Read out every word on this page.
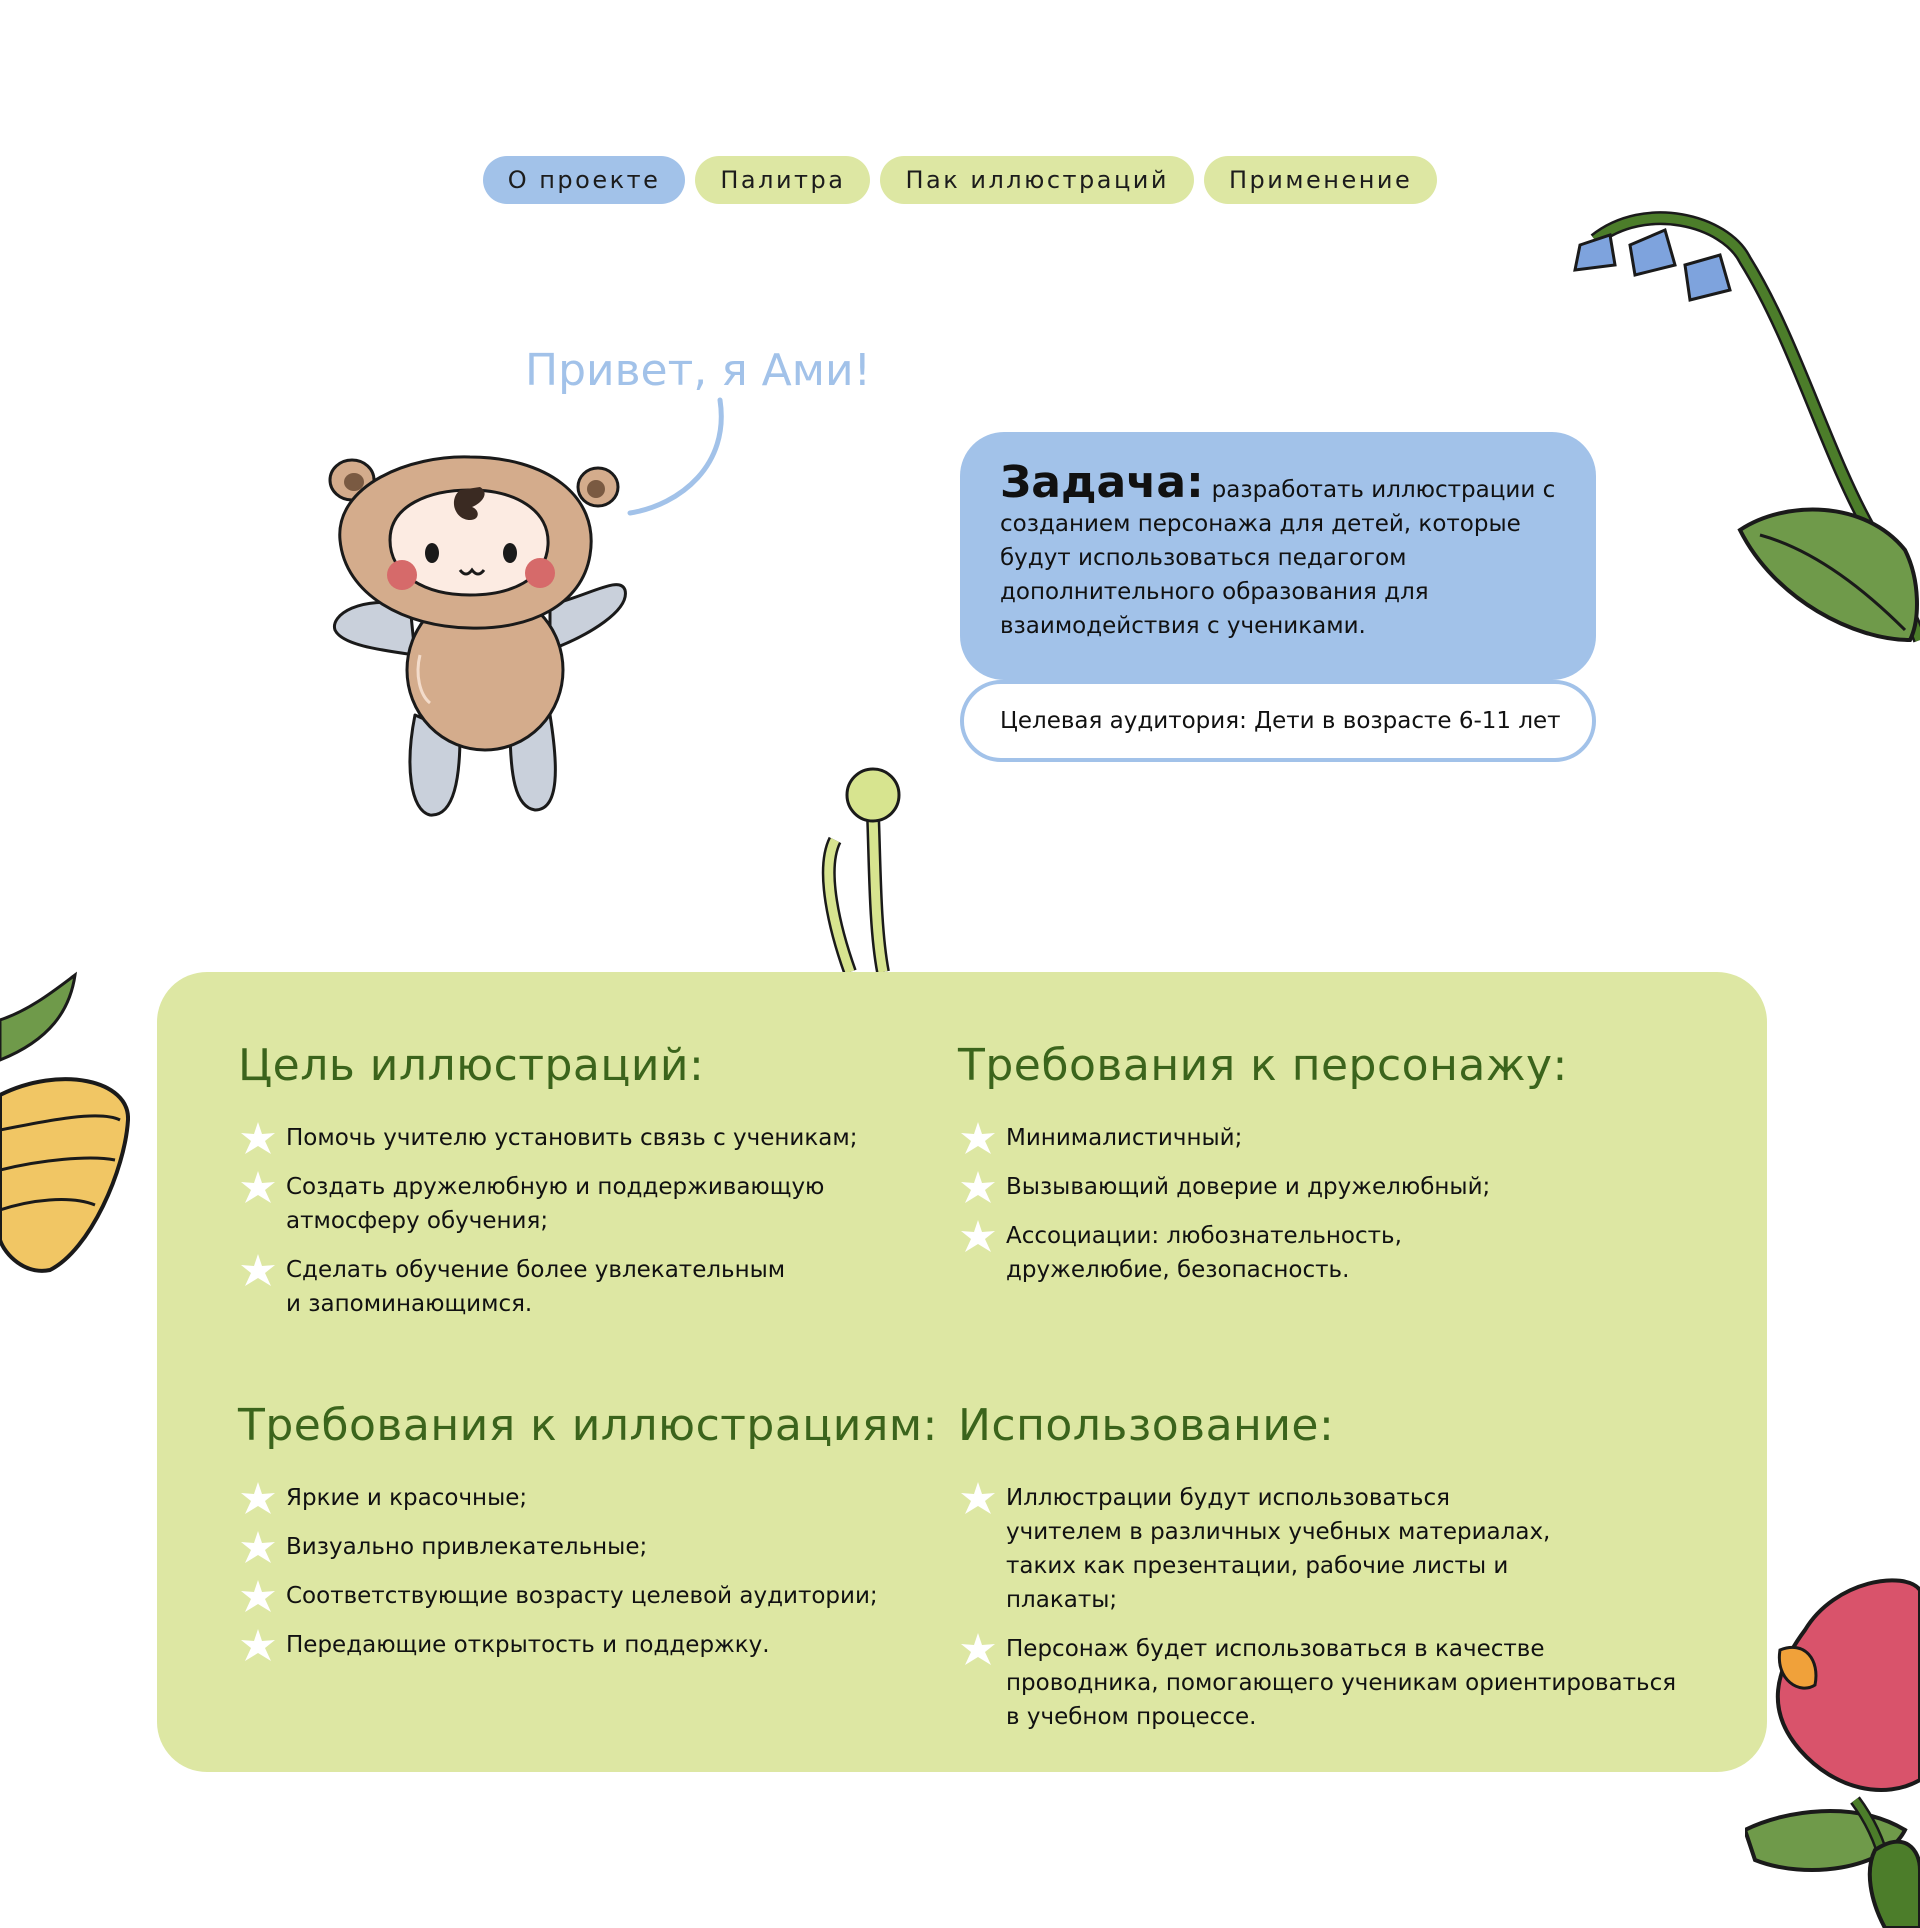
О проекте	Палитра	Пак иллюстраций	Применение
Привет, я Ами!
Задача: разработать иллюстрации с созданием персонажа для детей, которые будут использоваться педагогом дополнительного образования для взаимодействия с учениками.
Целевая аудитория: Дети в возрасте 6-11 лет
Цель иллюстраций:
Помочь учителю установить связь с ученикам;
Создать дружелюбную и поддерживающую атмосферу обучения;
Сделать обучение более увлекательным и запоминающимся.
Требования к персонажу:
Минималистичный;
Вызывающий доверие и дружелюбный;
Ассоциации: любознательность, дружелюбие, безопасность.
Требования к иллюстрациям:
Яркие и красочные;
Визуально привлекательные;
Соответствующие возрасту целевой аудитории;
Передающие открытость и поддержку.
Использование:
Иллюстрации будут использоваться учителем в различных учебных материалах, таких как презентации, рабочие листы и плакаты;
Персонаж будет использоваться в качестве проводника, помогающего ученикам ориентироваться в учебном процессе.
